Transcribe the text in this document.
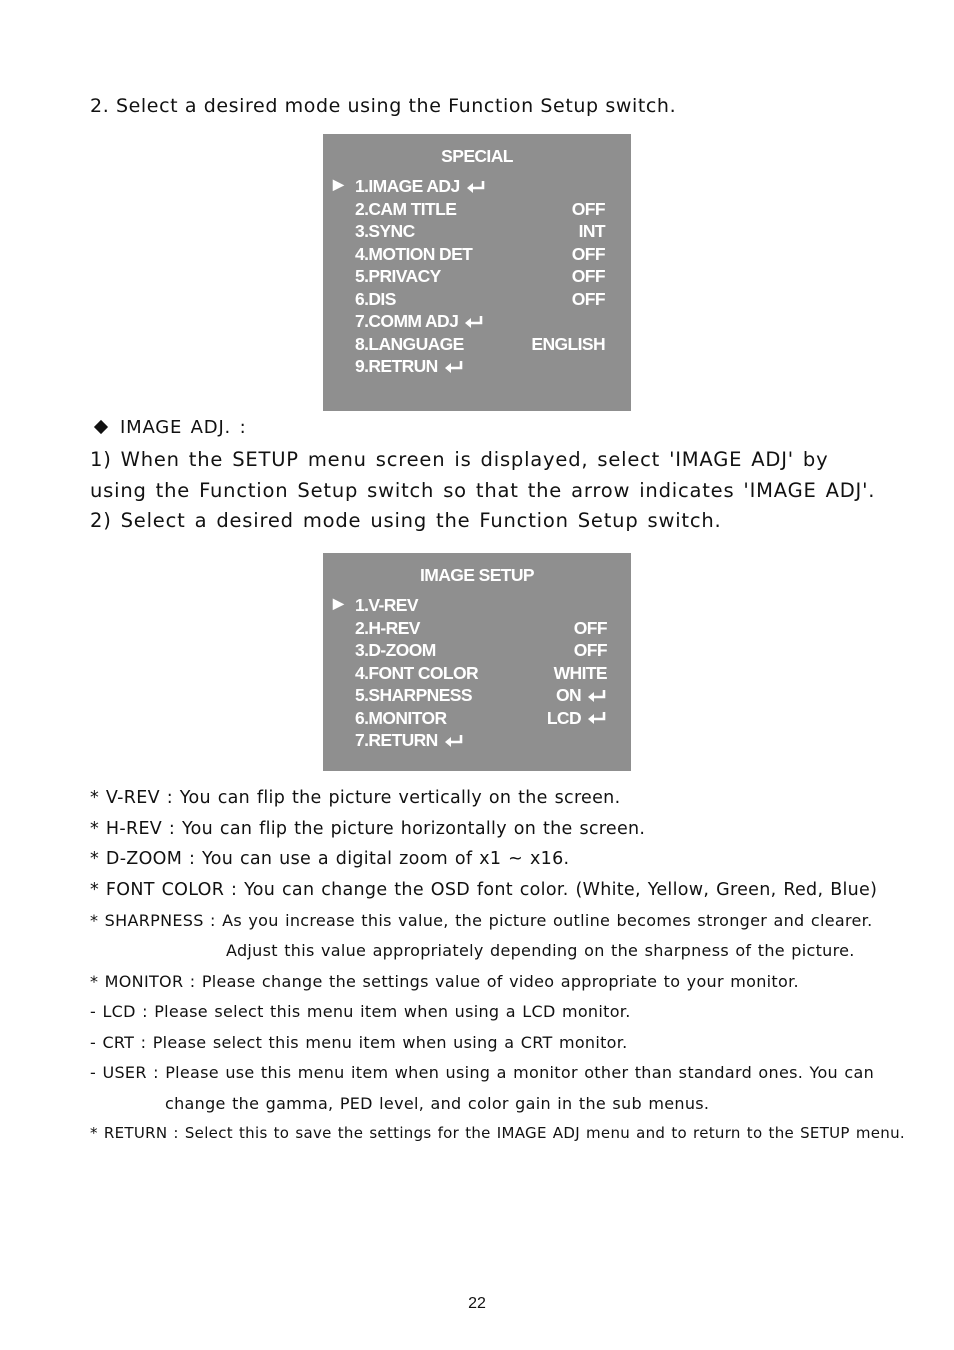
2. Select a desired mode using the Function Setup switch.
SPECIAL
▶ 1.IMAGE ADJ
2.CAM TITLE	OFF
3.SYNC	INT
4.MOTION DET	OFF
5.PRIVACY	OFF
6.DIS	OFF
7.COMM ADJ
8.LANGUAGE	ENGLISH
9.RETRUN
IMAGE ADJ. :
1) When the SETUP menu screen is displayed, select 'IMAGE ADJ' by
using the Function Setup switch so that the arrow indicates 'IMAGE ADJ'.
2) Select a desired mode using the Function Setup switch.
IMAGE SETUP
▶ 1.V-REV
2.H-REV	OFF
3.D-ZOOM	OFF
4.FONT COLOR	WHITE
5.SHARPNESS	ON
6.MONITOR	LCD
7.RETURN
* V-REV : You can flip the picture vertically on the screen.
* H-REV : You can flip the picture horizontally on the screen.
* D-ZOOM : You can use a digital zoom of x1 ~ x16.
* FONT COLOR : You can change the OSD font color. (White, Yellow, Green, Red, Blue)
* SHARPNESS : As you increase this value, the picture outline becomes stronger and clearer.
Adjust this value appropriately depending on the sharpness of the picture.
* MONITOR : Please change the settings value of video appropriate to your monitor.
- LCD : Please select this menu item when using a LCD monitor.
- CRT : Please select this menu item when using a CRT monitor.
- USER : Please use this menu item when using a monitor other than standard ones. You can
change the gamma, PED level, and color gain in the sub menus.
* RETURN : Select this to save the settings for the IMAGE ADJ menu and to return to the SETUP menu.
22
